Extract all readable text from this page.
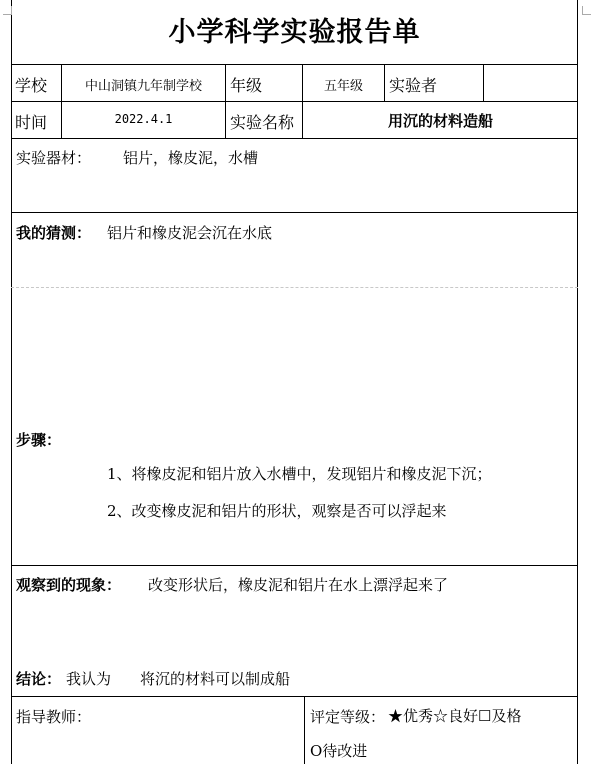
小学科学实验报告单
学校	中山洞镇九年制学校	年级	五年级	实验者
时间	2022.4.1	实验名称	用沉的材料造船
实验器材： 铝片，橡皮泥，水槽
我的猜测： 铝片和橡皮泥会沉在水底
步骤：
1、将橡皮泥和铝片放入水槽中，发现铝片和橡皮泥下沉；
2、改变橡皮泥和铝片的形状，观察是否可以浮起来
观察到的现象： 改变形状后，橡皮泥和铝片在水上漂浮起来了
结论： 我认为 将沉的材料可以制成船
指导教师：	评定等级： ★优秀☆良好☐及格
O待改进
